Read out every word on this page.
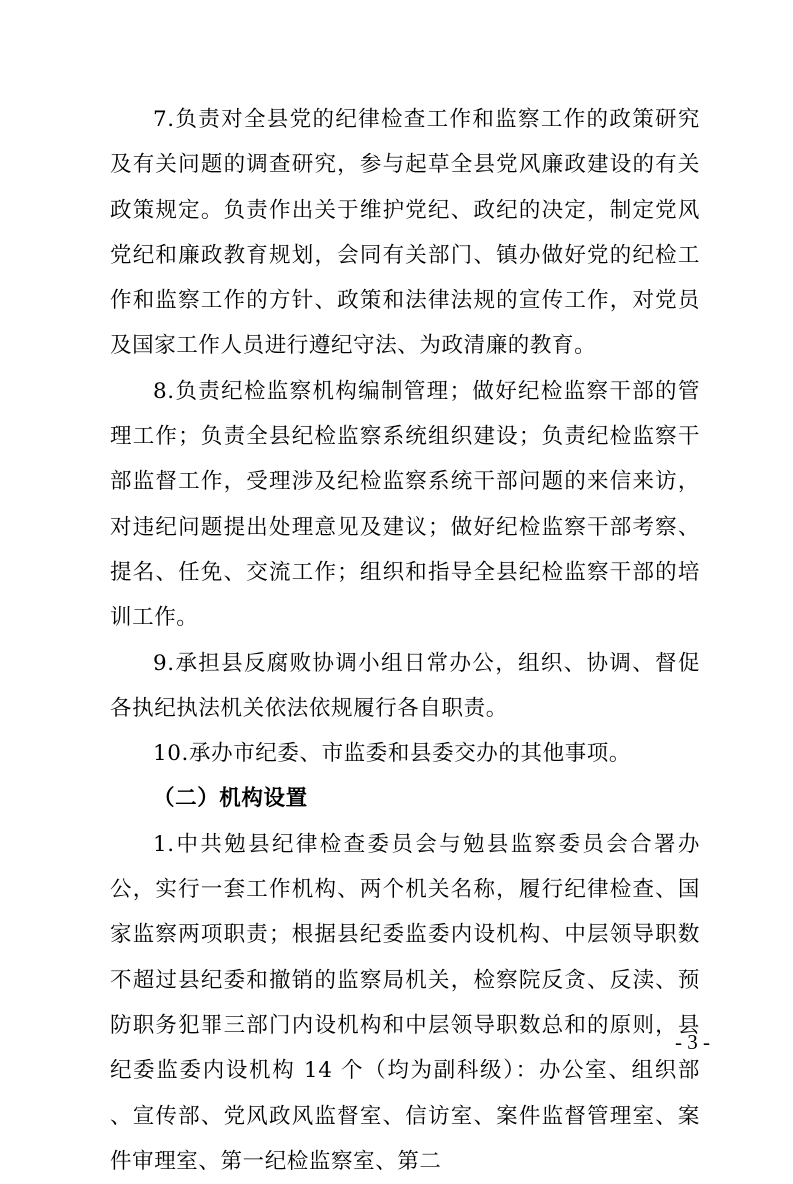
7.负责对全县党的纪律检查工作和监察工作的政策研究及有关问题的调查研究，参与起草全县党风廉政建设的有关政策规定。负责作出关于维护党纪、政纪的决定，制定党风党纪和廉政教育规划，会同有关部门、镇办做好党的纪检工作和监察工作的方针、政策和法律法规的宣传工作，对党员及国家工作人员进行遵纪守法、为政清廉的教育。

8.负责纪检监察机构编制管理；做好纪检监察干部的管理工作；负责全县纪检监察系统组织建设；负责纪检监察干部监督工作，受理涉及纪检监察系统干部问题的来信来访，对违纪问题提出处理意见及建议；做好纪检监察干部考察、提名、任免、交流工作；组织和指导全县纪检监察干部的培训工作。

9.承担县反腐败协调小组日常办公，组织、协调、督促各执纪执法机关依法依规履行各自职责。

10.承办市纪委、市监委和县委交办的其他事项。

（二）机构设置

1.中共勉县纪律检查委员会与勉县监察委员会合署办公，实行一套工作机构、两个机关名称，履行纪律检查、国家监察两项职责；根据县纪委监委内设机构、中层领导职数不超过县纪委和撤销的监察局机关，检察院反贪、反渎、预防职务犯罪三部门内设机构和中层领导职数总和的原则，县纪委监委内设机构 14 个（均为副科级）：办公室、组织部 、宣传部、党风政风监督室、信访室、案件监督管理室、案件审理室、第一纪检监察室、第二

- 3 -
